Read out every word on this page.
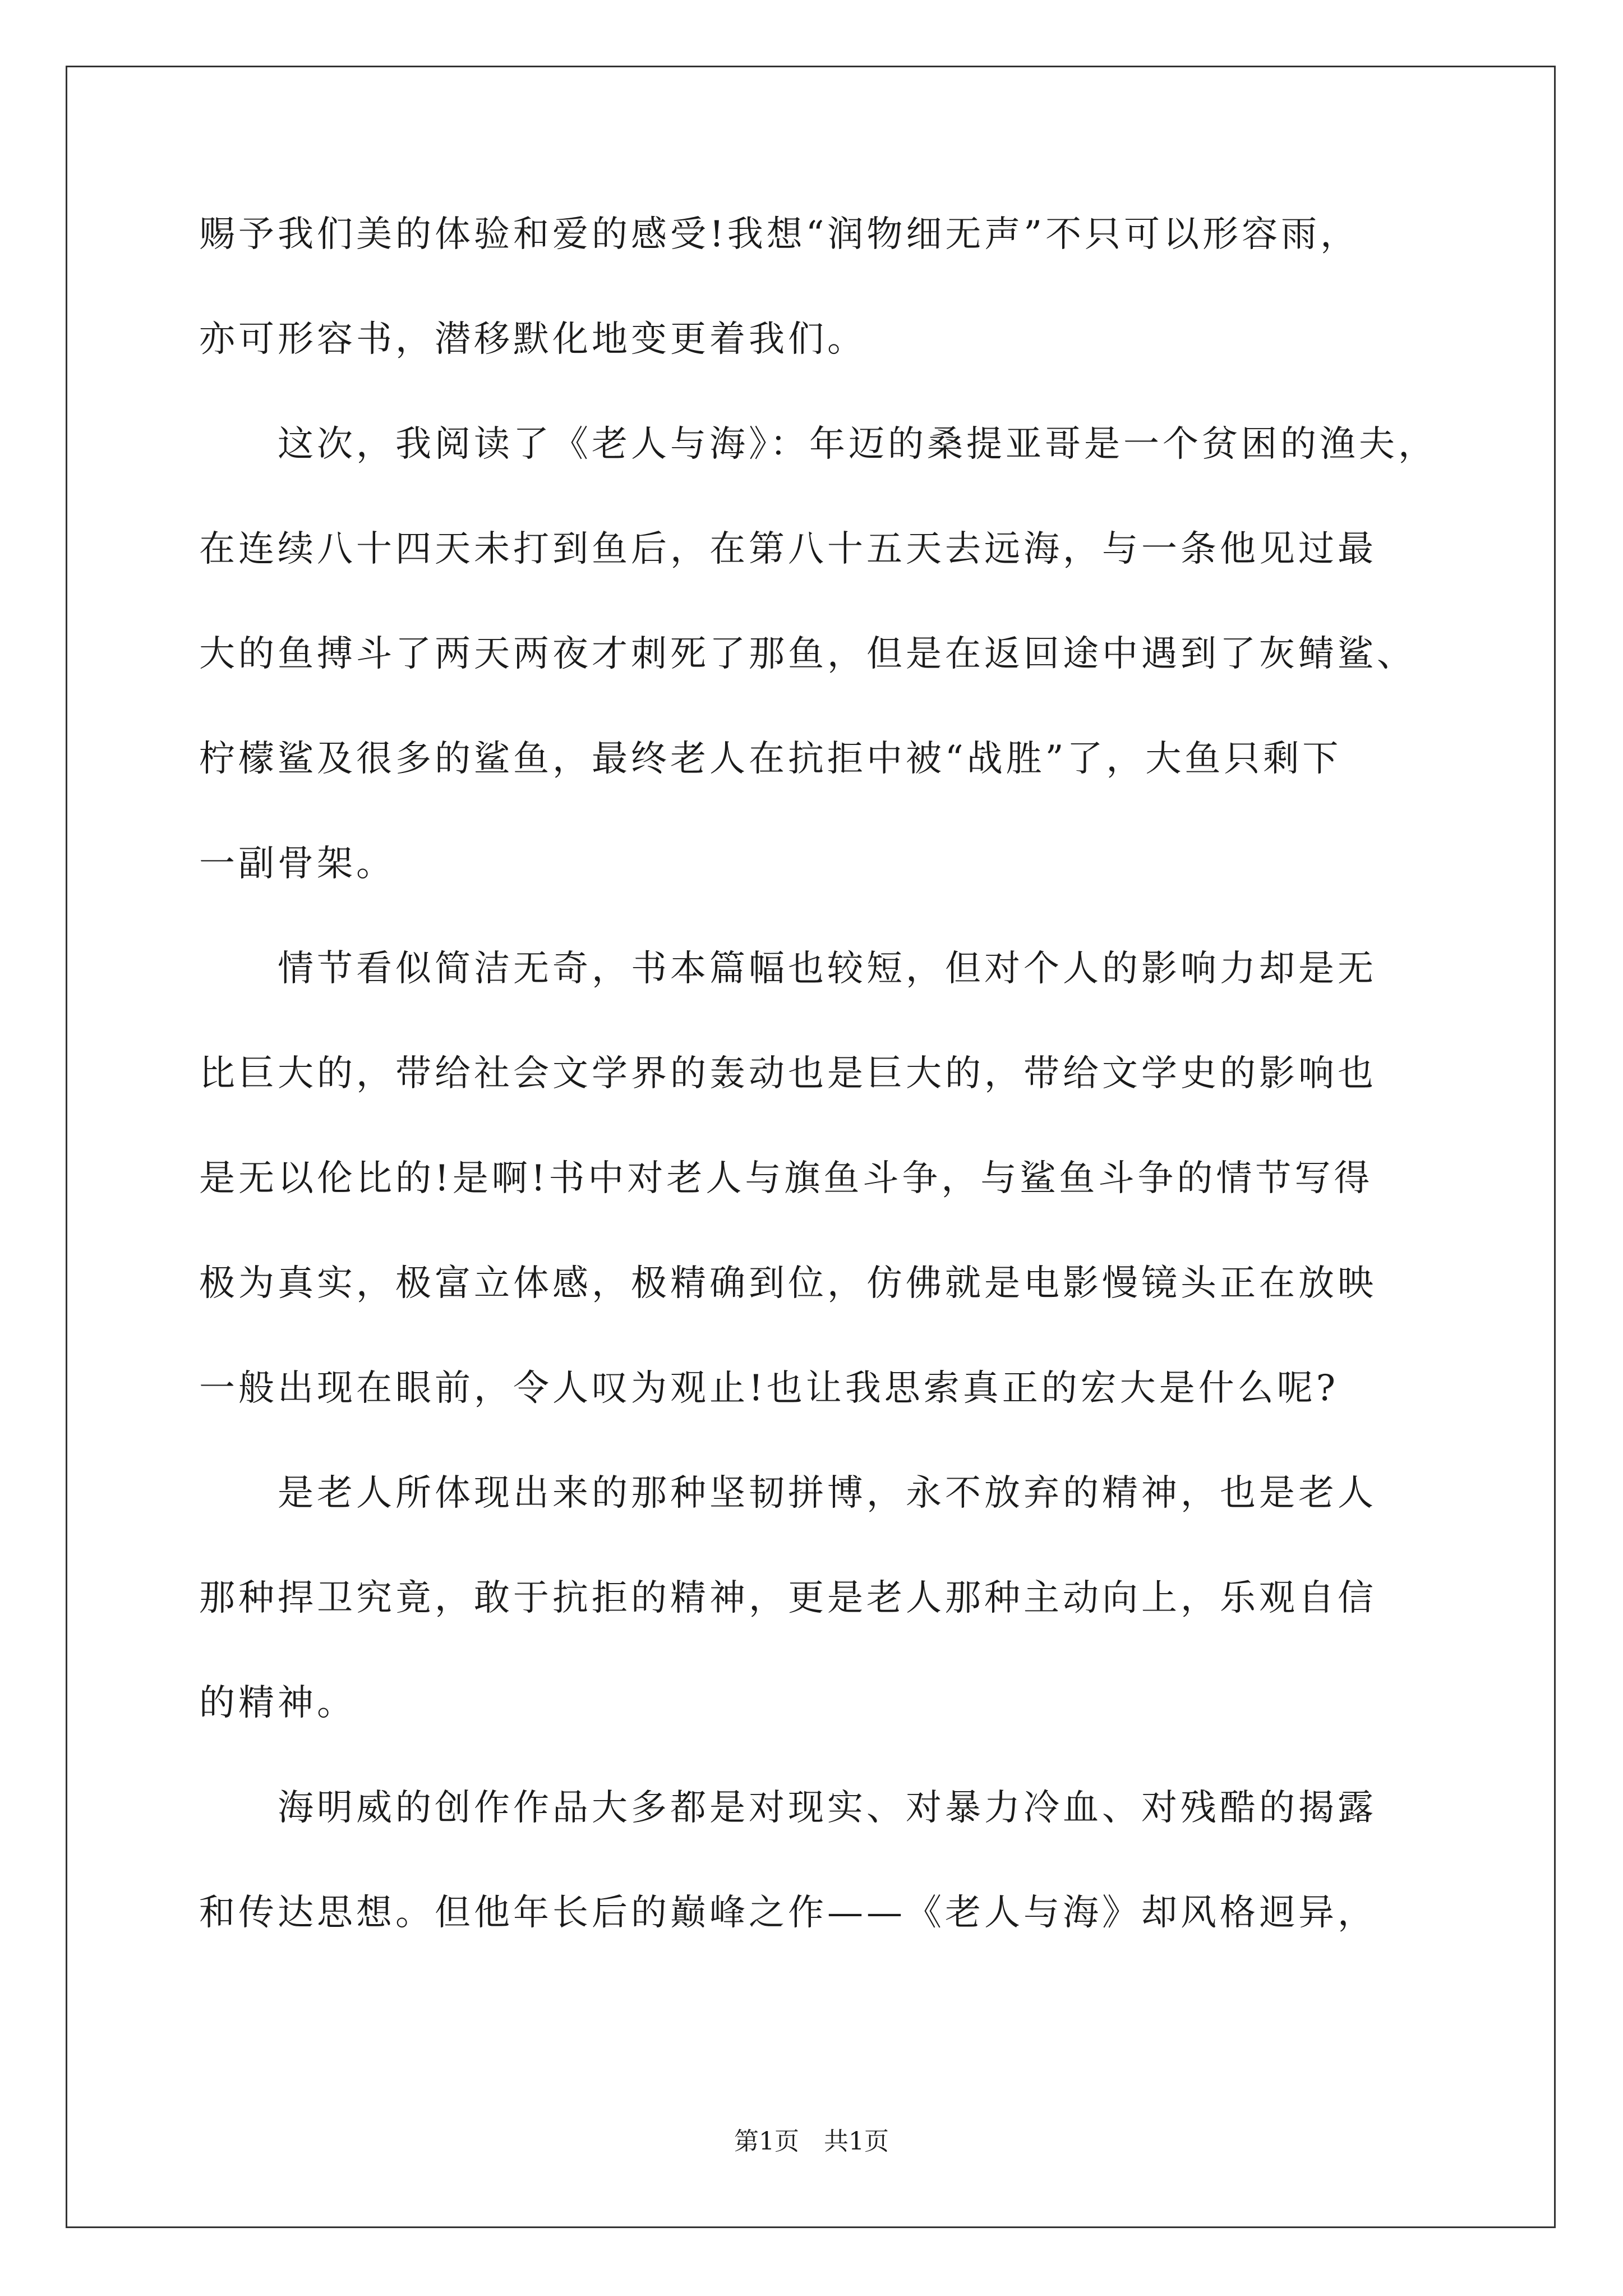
赐予我们美的体验和爱的感受!我想“润物细无声”不只可以形容雨，
亦可形容书，潜移默化地变更着我们。
　　这次，我阅读了《老人与海》：年迈的桑提亚哥是一个贫困的渔夫，
在连续八十四天未打到鱼后，在第八十五天去远海，与一条他见过最
大的鱼搏斗了两天两夜才刺死了那鱼，但是在返回途中遇到了灰鲭鲨、
柠檬鲨及很多的鲨鱼，最终老人在抗拒中被“战胜”了，大鱼只剩下
一副骨架。
　　情节看似简洁无奇，书本篇幅也较短，但对个人的影响力却是无
比巨大的，带给社会文学界的轰动也是巨大的，带给文学史的影响也
是无以伦比的!是啊!书中对老人与旗鱼斗争，与鲨鱼斗争的情节写得
极为真实，极富立体感，极精确到位，仿佛就是电影慢镜头正在放映
一般出现在眼前，令人叹为观止!也让我思索真正的宏大是什么呢?
　　是老人所体现出来的那种坚韧拼博，永不放弃的精神，也是老人
那种捍卫究竟，敢于抗拒的精神，更是老人那种主动向上，乐观自信
的精神。
　　海明威的创作作品大多都是对现实、对暴力冷血、对残酷的揭露
和传达思想。但他年长后的巅峰之作——《老人与海》却风格迥异，
第1页　共1页
